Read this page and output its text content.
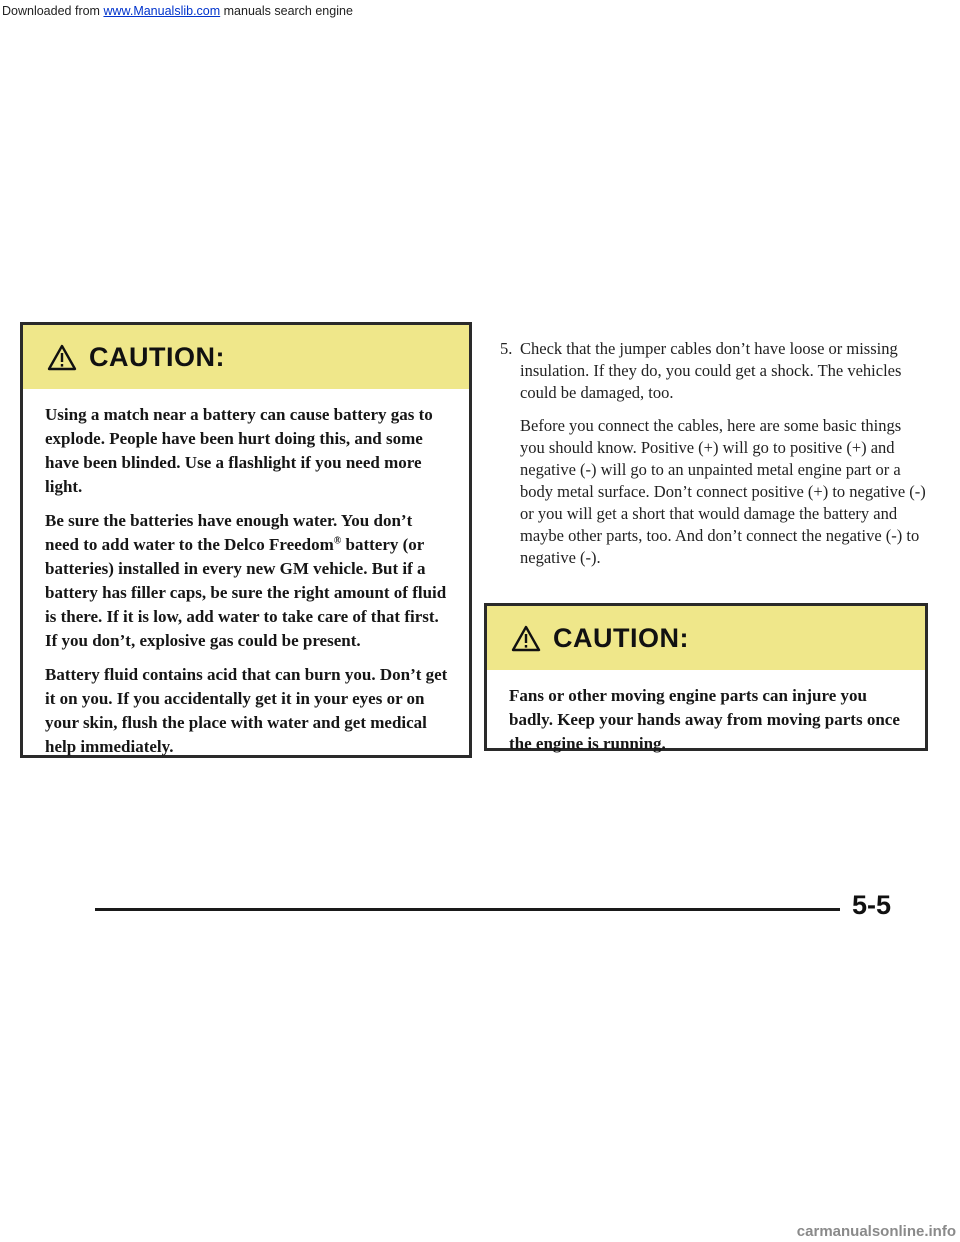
Downloaded from www.Manualslib.com manuals search engine
CAUTION:

Using a match near a battery can cause battery gas to explode. People have been hurt doing this, and some have been blinded. Use a flashlight if you need more light.

Be sure the batteries have enough water. You don’t need to add water to the Delco Freedom® battery (or batteries) installed in every new GM vehicle. But if a battery has filler caps, be sure the right amount of fluid is there. If it is low, add water to take care of that first. If you don’t, explosive gas could be present.

Battery fluid contains acid that can burn you. Don’t get it on you. If you accidentally get it in your eyes or on your skin, flush the place with water and get medical help immediately.

5. Check that the jumper cables don’t have loose or missing insulation. If they do, you could get a shock. The vehicles could be damaged, too.

Before you connect the cables, here are some basic things you should know. Positive (+) will go to positive (+) and negative (-) will go to an unpainted metal engine part or a body metal surface. Don’t connect positive (+) to negative (-) or you will get a short that would damage the battery and maybe other parts, too. And don’t connect the negative (-) to negative (-).

CAUTION:

Fans or other moving engine parts can injure you badly. Keep your hands away from moving parts once the engine is running.

5-5
carmanualsonline.info
